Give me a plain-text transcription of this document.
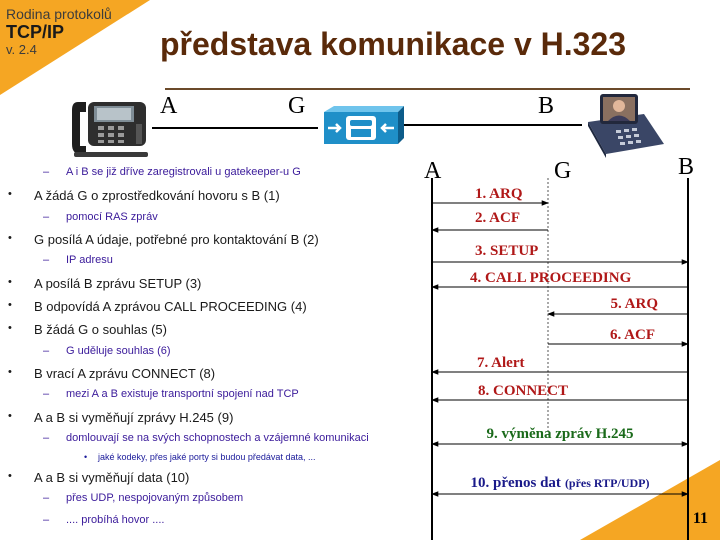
Rodina protokolů
TCP/IP
v. 2.4	představa komunikace v H.323
A	G	B
– A i B se již dříve zaregistrovali u gatekeeper-u G
• A žádá G o zprostředkování hovoru s B (1)
– pomocí RAS zpráv
• G posílá A údaje, potřebné pro kontaktování B (2)
– IP adresu
• A posílá B zprávu SETUP (3)
• B odpovídá A zprávou CALL PROCEEDING (4)
• B žádá G o souhlas (5)
– G uděluje souhlas (6)
• B vrací A zprávu CONNECT (8)
– mezi A a B existuje transportní spojení nad TCP
• A a B si vyměňují zprávy H.245 (9)
– domlouvají se na svých schopnostech a vzájemné komunikaci
• jaké kodeky, přes jaké porty si budou předávat data, ...
• A a B si vyměňují data (10)
– přes UDP, nespojovaným způsobem
– .... probíhá hovor ....
A	G	B
1. ARQ
2. ACF
3. SETUP
4. CALL PROCEEDING
5. ARQ
6. ACF
7. Alert
8. CONNECT
9. výměna zpráv H.245
10. přenos dat (přes RTP/UDP)
11
